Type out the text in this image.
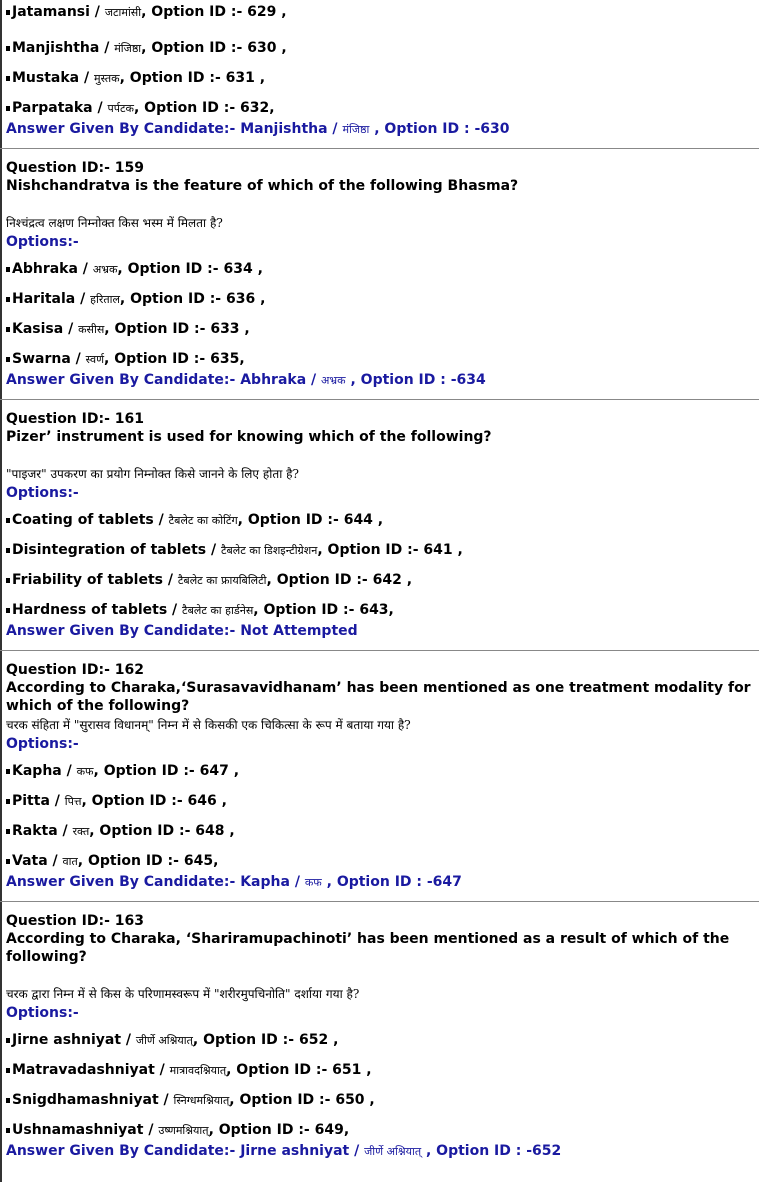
Jatamansi / जटामांसी, Option ID :- 629 ,
Manjishtha / मंजिष्ठा, Option ID :- 630 ,
Mustaka / मुस्तक, Option ID :- 631 ,
Parpataka / पर्पटक, Option ID :- 632,
Answer Given By Candidate:- Manjishtha / मंजिष्ठा , Option ID : -630
Question ID:- 159
Nishchandratva is the feature of which of the following Bhasma?
निश्चंद्रत्व लक्षण निम्नोक्त किस भस्म में मिलता है?
Options:-
Abhraka / अभ्रक, Option ID :- 634 ,
Haritala / हरिताल, Option ID :- 636 ,
Kasisa / कसीस, Option ID :- 633 ,
Swarna / स्वर्ण, Option ID :- 635,
Answer Given By Candidate:- Abhraka / अभ्रक , Option ID : -634
Question ID:- 161
Pizer’ instrument is used for knowing which of the following?
"पाइजर" उपकरण का प्रयोग निम्नोक्त किसे जानने के लिए होता है?
Options:-
Coating of tablets / टैबलेट का कोटिंग, Option ID :- 644 ,
Disintegration of tablets / टैबलेट का डिशइन्टीग्रेशन, Option ID :- 641 ,
Friability of tablets / टैबलेट का फ्रायबिलिटी, Option ID :- 642 ,
Hardness of tablets / टैबलेट का हार्डनेस, Option ID :- 643,
Answer Given By Candidate:- Not Attempted
Question ID:- 162
According to Charaka,‘Surasavavidhanam’ has been mentioned as one treatment modality for which of the following?
चरक संहिता में "सुरासव विधानम्" निम्न में से किसकी एक चिकित्सा के रूप में बताया गया है?
Options:-
Kapha / कफ, Option ID :- 647 ,
Pitta / पित्त, Option ID :- 646 ,
Rakta / रक्त, Option ID :- 648 ,
Vata / वात, Option ID :- 645,
Answer Given By Candidate:- Kapha / कफ , Option ID : -647
Question ID:- 163
According to Charaka, ‘Shariramupachinoti’ has been mentioned as a result of which of the following?
चरक द्वारा निम्न में से किस के परिणामस्वरूप में "शरीरमुपचिनोति" दर्शाया गया है?
Options:-
Jirne ashniyat / जीर्णे अश्नियात्, Option ID :- 652 ,
Matravadashniyat / मात्रावदश्नियात्, Option ID :- 651 ,
Snigdhamashniyat / स्निग्धमश्नियात्, Option ID :- 650 ,
Ushnamashniyat / उष्णमश्नियात्, Option ID :- 649,
Answer Given By Candidate:- Jirne ashniyat / जीर्णे अश्नियात् , Option ID : -652
